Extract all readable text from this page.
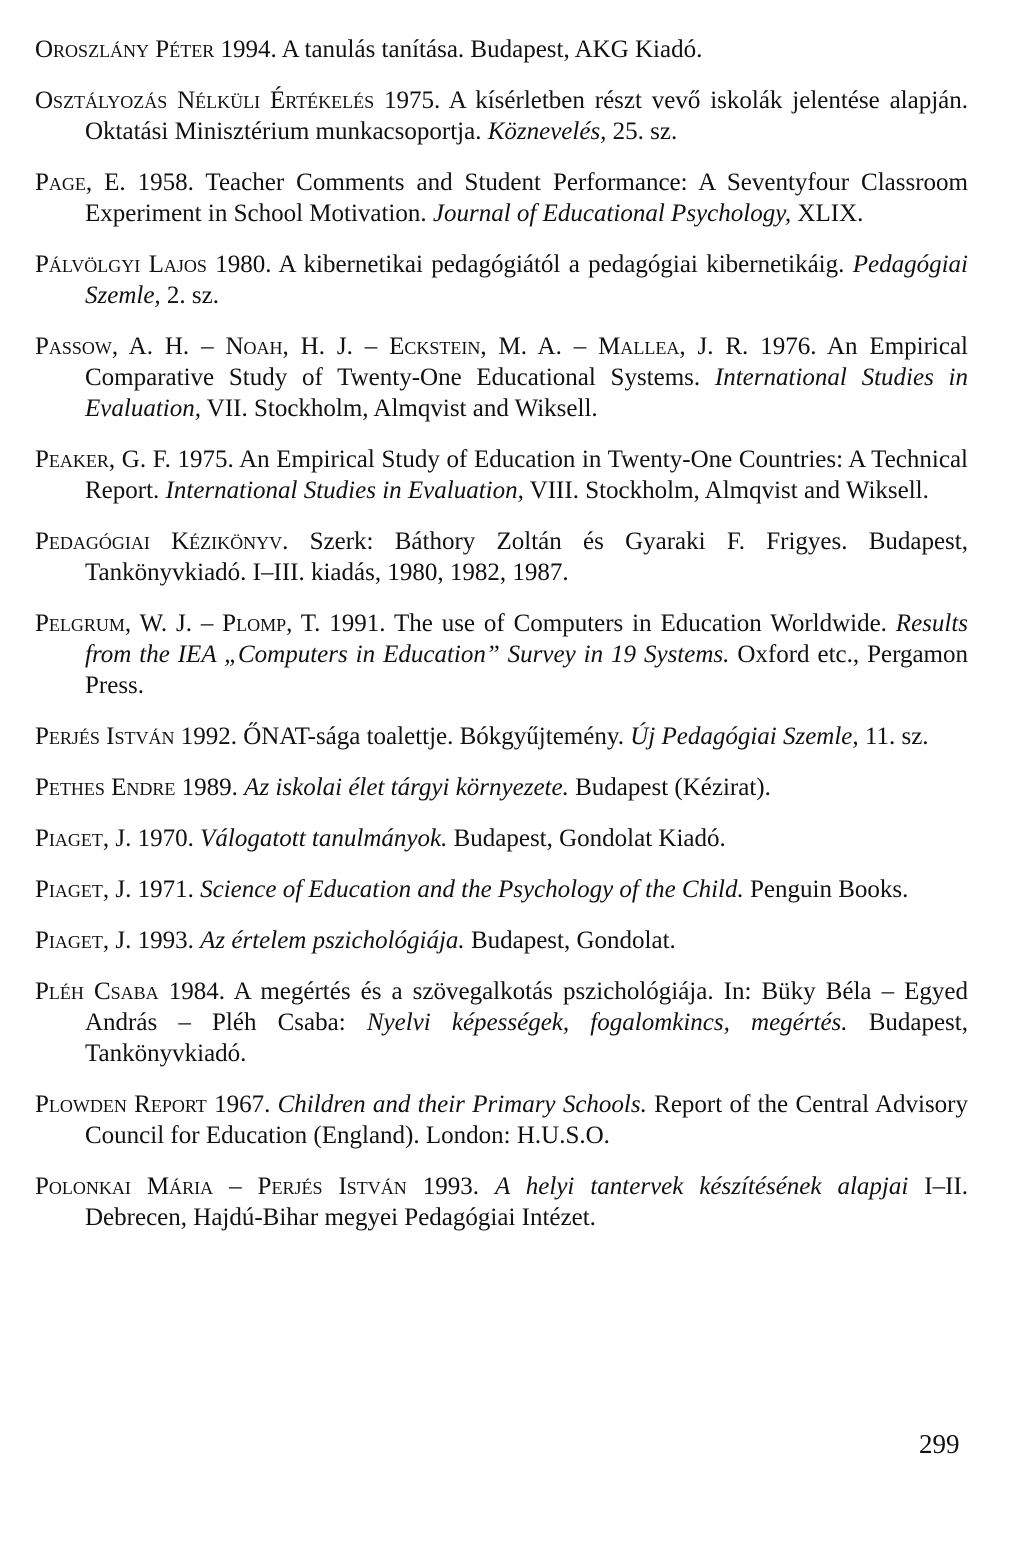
Oroszlány Péter 1994. A tanulás tanítása. Budapest, AKG Kiadó.

Osztályozás Nélküli Értékelés 1975. A kísérletben részt vevő iskolák jelentése alapján. Oktatási Minisztérium munkacsoportja. Köznevelés, 25. sz.

Page, E. 1958. Teacher Comments and Student Performance: A Seventyfour Classroom Experiment in School Motivation. Journal of Educational Psychology, XLIX.

Pálvölgyi Lajos 1980. A kibernetikai pedagógiától a pedagógiai kibernetikáig. Pedagógiai Szemle, 2. sz.

Passow, A. H. – Noah, H. J. – Eckstein, M. A. – Mallea, J. R. 1976. An Empirical Comparative Study of Twenty-One Educational Systems. International Studies in Evaluation, VII. Stockholm, Almqvist and Wiksell.

Peaker, G. F. 1975. An Empirical Study of Education in Twenty-One Countries: A Technical Report. International Studies in Evaluation, VIII. Stockholm, Almqvist and Wiksell.

Pedagógiai Kézikönyv. Szerk: Báthory Zoltán és Gyaraki F. Frigyes. Budapest, Tankönyvkiadó. I–III. kiadás, 1980, 1982, 1987.

Pelgrum, W. J. – Plomp, T. 1991. The use of Computers in Education Worldwide. Results from the IEA „Computers in Education” Survey in 19 Systems. Oxford etc., Pergamon Press.

Perjés István 1992. ŐNAT-sága toalettje. Bókgyűjtemény. Új Pedagógiai Szemle, 11. sz.

Pethes Endre 1989. Az iskolai élet tárgyi környezete. Budapest (Kézirat).

Piaget, J. 1970. Válogatott tanulmányok. Budapest, Gondolat Kiadó.

Piaget, J. 1971. Science of Education and the Psychology of the Child. Penguin Books.

Piaget, J. 1993. Az értelem pszichológiája. Budapest, Gondolat.

Pléh Csaba 1984. A megértés és a szövegalkotás pszichológiája. In: Büky Béla – Egyed András – Pléh Csaba: Nyelvi képességek, fogalomkincs, megértés. Budapest, Tankönyvkiadó.

Plowden Report 1967. Children and their Primary Schools. Report of the Central Advisory Council for Education (England). London: H.U.S.O.

Polonkai Mária – Perjés István 1993. A helyi tantervek készítésének alapjai I–II. Debrecen, Hajdú-Bihar megyei Pedagógiai Intézet.

299
